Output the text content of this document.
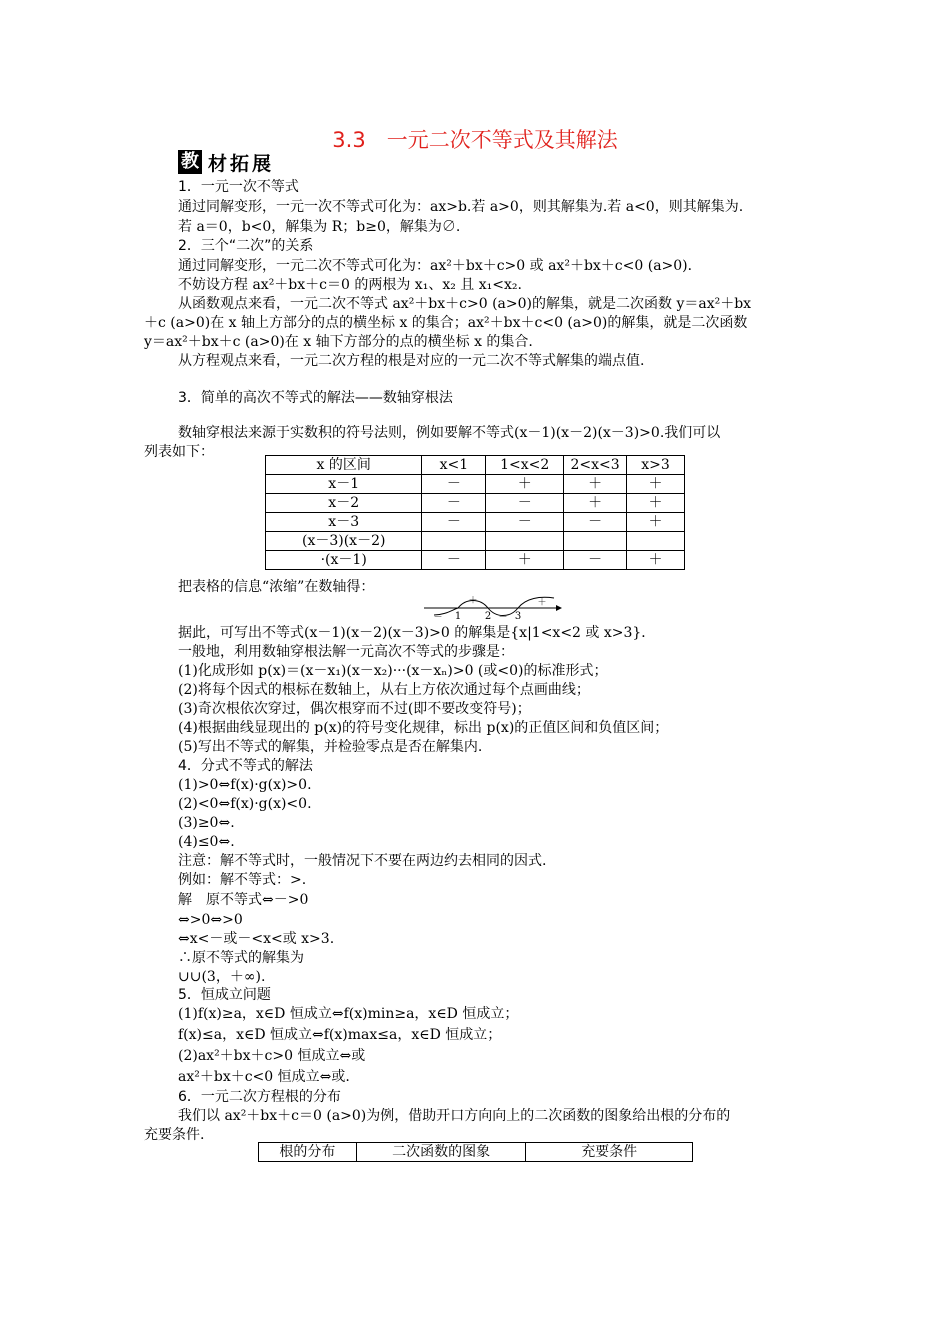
3.3　一元二次不等式及其解法
教 材拓展
1．一元一次不等式
通过同解变形，一元一次不等式可化为：ax>b.若 a>0，则其解集为.若 a<0，则其解集为.
若 a＝0，b<0，解集为 R；b≥0，解集为∅.
2．三个“二次”的关系
通过同解变形，一元二次不等式可化为：ax²＋bx＋c>0 或 ax²＋bx＋c<0 (a>0)．
不妨设方程 ax²＋bx＋c＝0 的两根为 x₁、x₂ 且 x₁<x₂.
从函数观点来看，一元二次不等式 ax²＋bx＋c>0 (a>0)的解集，就是二次函数 y＝ax²＋bx
＋c (a>0)在 x 轴上方部分的点的横坐标 x 的集合；ax²＋bx＋c<0 (a>0)的解集，就是二次函数
y＝ax²＋bx＋c (a>0)在 x 轴下方部分的点的横坐标 x 的集合.
从方程观点来看，一元二次方程的根是对应的一元二次不等式解集的端点值.
3．简单的高次不等式的解法——数轴穿根法
数轴穿根法来源于实数积的符号法则，例如要解不等式(x－1)(x－2)(x－3)>0.我们可以
列表如下：
把表格的信息“浓缩”在数轴得：
据此，可写出不等式(x－1)(x－2)(x－3)>0 的解集是{x|1<x<2 或 x>3}．
一般地，利用数轴穿根法解一元高次不等式的步骤是：
(1)化成形如 p(x)＝(x－x₁)(x－x₂)···(x－xₙ)>0 (或<0)的标准形式；
(2)将每个因式的根标在数轴上，从右上方依次通过每个点画曲线；
(3)奇次根依次穿过，偶次根穿而不过(即不要改变符号)；
(4)根据曲线显现出的 p(x)的符号变化规律，标出 p(x)的正值区间和负值区间；
(5)写出不等式的解集，并检验零点是否在解集内.
4．分式不等式的解法
(1)>0⇔f(x)·g(x)>0.
(2)<0⇔f(x)·g(x)<0.
(3)≥0⇔.
(4)≤0⇔.
注意：解不等式时，一般情况下不要在两边约去相同的因式.
例如：解不等式：>.
解　原不等式⇔－>0
⇔>0⇔>0
⇔x<－或－<x<或 x>3.
∴原不等式的解集为
∪∪(3，＋∞).
5．恒成立问题
(1)f(x)≥a，x∈D 恒成立⇔f(x)min≥a，x∈D 恒成立；
f(x)≤a，x∈D 恒成立⇔f(x)max≤a，x∈D 恒成立；
(2)ax²＋bx＋c>0 恒成立⇔或
ax²＋bx＋c<0 恒成立⇔或.
6．一元二次方程根的分布
我们以 ax²＋bx＋c＝0 (a>0)为例，借助开口方向向上的二次函数的图象给出根的分布的
充要条件.
x 的区间	x<1	1<x<2	2<x<3	x>3
x－1	－	＋	＋	＋
x－2	－	－	＋	＋
x－3	－	－	－	＋
(x－3)(x－2)				
·(x－1)	－	＋	－	＋
1 2 3
－
＋
－
＋
根的分布	二次函数的图象	充要条件
